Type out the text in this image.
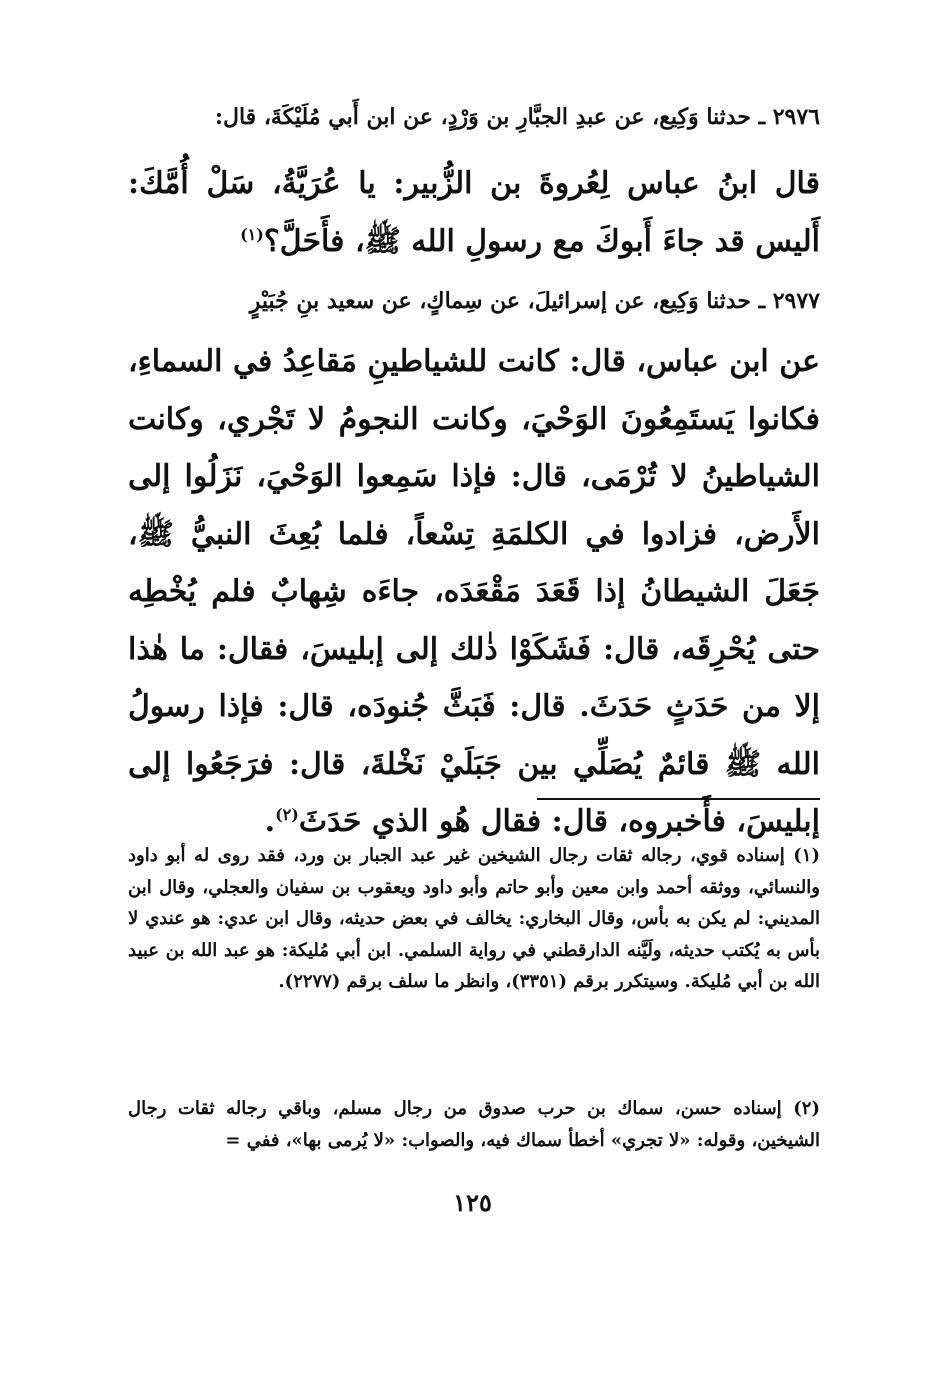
٢٩٧٦ ـ حدثنا وَكِيع، عن عبدِ الجبَّارِ بن وَرْدٍ، عن ابن أَبي مُلَيْكَةَ، قال:

قال ابنُ عباس لِعُروةَ بن الزُّبير: يا عُرَيَّةُ، سَلْ أُمَّكَ: أَليس قد جاءَ أَبوكَ مع رسولِ الله ﷺ، فأَحَلَّ؟$^{(١)}$

٢٩٧٧ ـ حدثنا وَكِيع، عن إسرائيلَ، عن سِماكٍ، عن سعيد بنِ جُبَيْرٍ

عن ابن عباس، قال: كانت للشياطينِ مَقاعِدُ في السماءِ، فكانوا يَستَمِعُونَ الوَحْيَ، وكانت النجومُ لا تَجْري، وكانت الشياطينُ لا تُرْمَى، قال: فإذا سَمِعوا الوَحْيَ، نَزَلُوا إلى الأَرض، فزادوا في الكلمَةِ تِسْعاً، فلما بُعِثَ النبيُّ ﷺ، جَعَلَ الشيطانُ إذا قَعَدَ مَقْعَدَه، جاءَه شِهابٌ فلم يُخْطِه حتى يُحْرِقَه، قال: فَشَكَوْا ذٰلك إلى إبليسَ، فقال: ما هٰذا إلا من حَدَثٍ حَدَثَ. قال: فَبَثَّ جُنودَه، قال: فإذا رسولُ الله ﷺ قائمٌ يُصَلِّي بين جَبَلَيْ نَخْلةَ، قال: فرَجَعُوا إلى إبليسَ، فأَخبروه، قال: فقال هُو الذي حَدَثَ$^{(٢)}$.

(١) إسناده قوي، رجاله ثقات رجال الشيخين غير عبد الجبار بن ورد، فقد روى له أبو داود والنسائي، ووثقه أحمد وابن معين وأبو حاتم وأبو داود ويعقوب بن سفيان والعجلي، وقال ابن المديني: لم يكن به بأس، وقال البخاري: يخالف في بعض حديثه، وقال ابن عدي: هو عندي لا بأس به يُكتب حديثه، ولَيَّنه الدارقطني في رواية السلمي. ابن أبي مُليكة: هو عبد الله بن عبيد الله بن أبي مُليكة. وسيتكرر برقم (٣٣٥١)، وانظر ما سلف برقم (٢٢٧٧).

(٢) إسناده حسن، سماك بن حرب صدوق من رجال مسلم، وباقي رجاله ثقات رجال الشيخين، وقوله: «لا تجري» أخطأ سماك فيه، والصواب: «لا يُرمى بها»، ففي =

١٢٥
